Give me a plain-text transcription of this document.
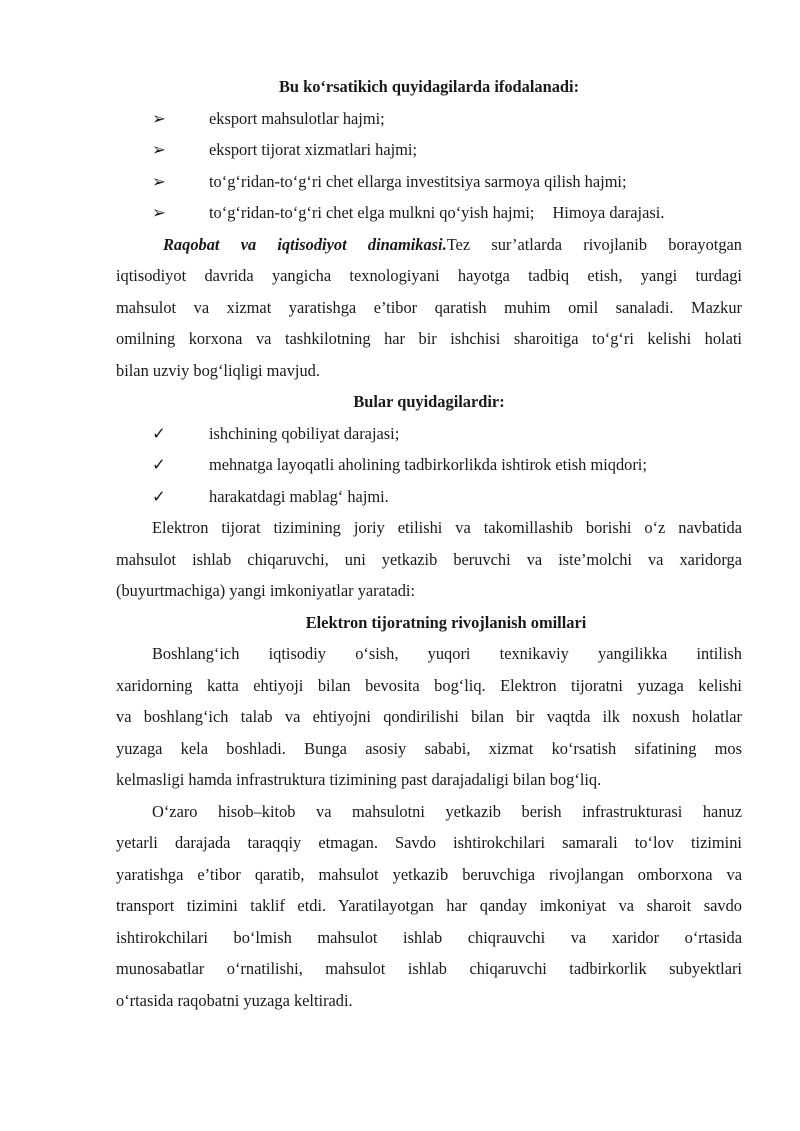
Bu ko‘rsatikich quyidagilarda ifodalanadi:
➢	eksport mahsulotlar hajmi;
➢	eksport tijorat xizmatlari hajmi;
➢	to‘g‘ridan-to‘g‘ri chet ellarga investitsiya sarmoya qilish hajmi;
➢	to‘g‘ridan-to‘g‘ri chet elga mulkni qo‘yish hajmi; Himoya darajasi.
Raqobat va iqtisodiyot dinamikasi.Tez sur’atlarda rivojlanib borayotgan
iqtisodiyot davrida yangicha texnologiyani hayotga tadbiq etish, yangi turdagi
mahsulot va xizmat yaratishga e’tibor qaratish muhim omil sanaladi. Mazkur
omilning korxona va tashkilotning har bir ishchisi sharoitiga to‘g‘ri kelishi holati
bilan uzviy bog‘liqligi mavjud.
Bular quyidagilardir:
✓	ishchining qobiliyat darajasi;
✓	mehnatga layoqatli aholining tadbirkorlikda ishtirok etish miqdori;
✓	harakatdagi mablag‘ hajmi.
Elektron tijorat tizimining joriy etilishi va takomillashib borishi o‘z navbatida
mahsulot ishlab chiqaruvchi, uni yetkazib beruvchi va iste’molchi va xaridorga
(buyurtmachiga) yangi imkoniyatlar yaratadi:
Elektron tijoratning rivojlanish omillari
Boshlang‘ich iqtisodiy o‘sish, yuqori texnikaviy yangilikka intilish
xaridorning katta ehtiyoji bilan bevosita bog‘liq. Elektron tijoratni yuzaga kelishi
va boshlang‘ich talab va ehtiyojni qondirilishi bilan bir vaqtda ilk noxush holatlar
yuzaga kela boshladi. Bunga asosiy sababi, xizmat ko‘rsatish sifatining mos
kelmasligi hamda infrastruktura tizimining past darajadaligi bilan bog‘liq.
O‘zaro hisob–kitob va mahsulotni yetkazib berish infrastrukturasi hanuz
yetarli darajada taraqqiy etmagan. Savdo ishtirokchilari samarali to‘lov tizimini
yaratishga e’tibor qaratib, mahsulot yetkazib beruvchiga rivojlangan omborxona va
transport tizimini taklif etdi. Yaratilayotgan har qanday imkoniyat va sharoit savdo
ishtirokchilari bo‘lmish mahsulot ishlab chiqrauvchi va xaridor o‘rtasida
munosabatlar o‘rnatilishi, mahsulot ishlab chiqaruvchi tadbirkorlik subyektlari
o‘rtasida raqobatni yuzaga keltiradi.
